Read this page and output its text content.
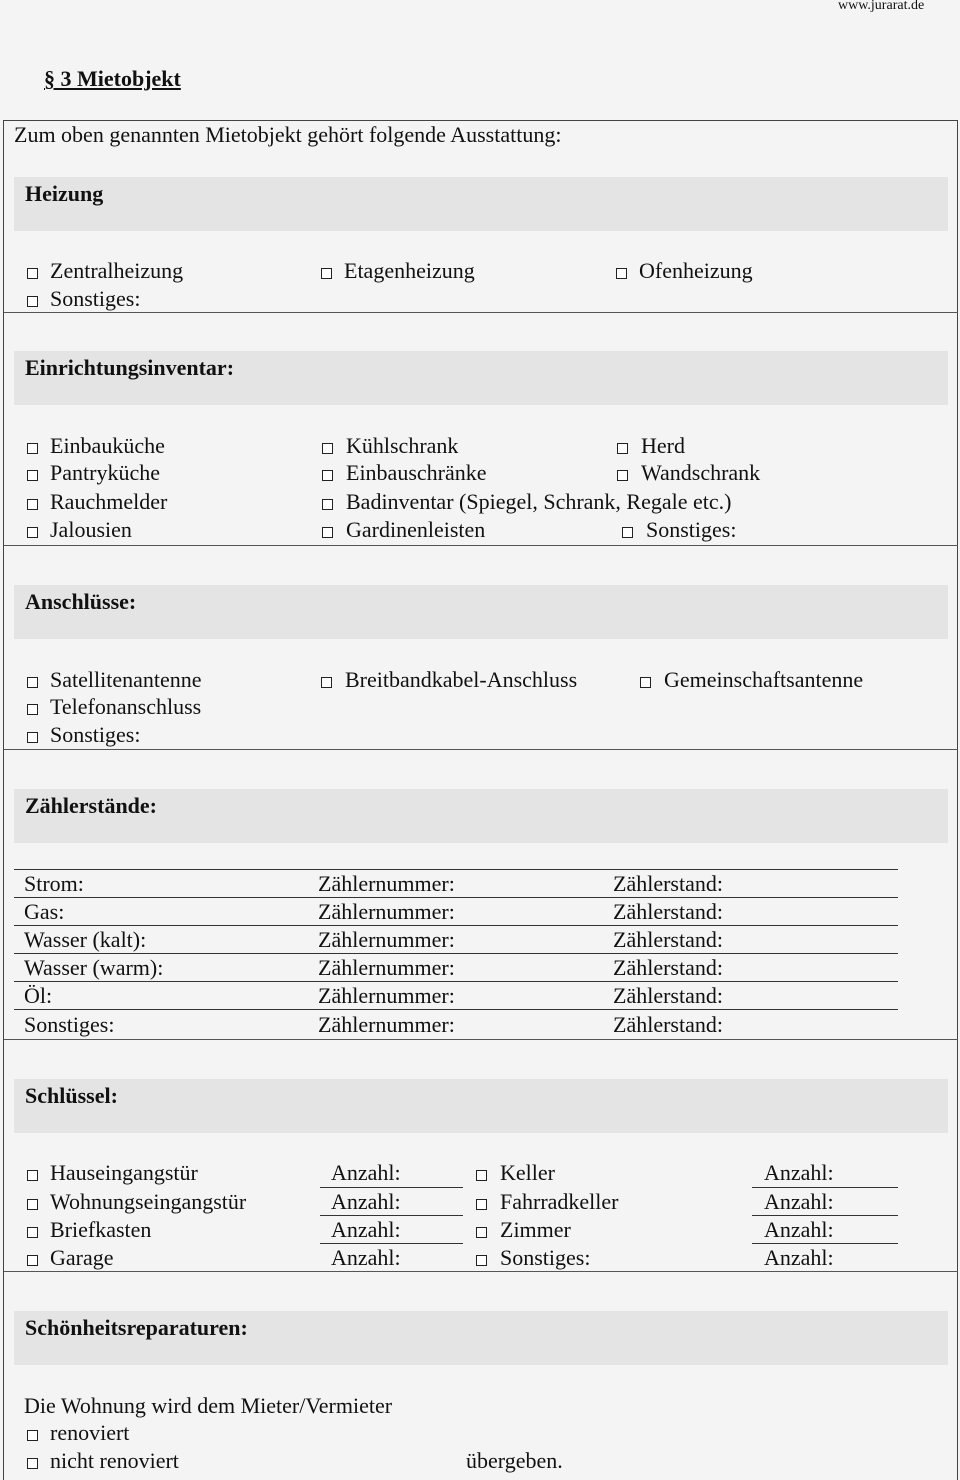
www.jurarat.de
§ 3 Mietobjekt
Zum oben genannten Mietobjekt gehört folgende Ausstattung:
Heizung
Zentralheizung	Etagenheizung	Ofenheizung
Sonstiges:
Einrichtungsinventar:
Einbauküche	Kühlschrank	Herd
Pantryküche	Einbauschränke	Wandschrank
Rauchmelder	Badinventar (Spiegel, Schrank, Regale etc.)
Jalousien	Gardinenleisten	Sonstiges:
Anschlüsse:
Satellitenantenne	Breitbandkabel-Anschluss	Gemeinschaftsantenne
Telefonanschluss
Sonstiges:
Zählerstände:
Strom:	Zählernummer:	Zählerstand:
Gas:	Zählernummer:	Zählerstand:
Wasser (kalt):	Zählernummer:	Zählerstand:
Wasser (warm):	Zählernummer:	Zählerstand:
Öl:	Zählernummer:	Zählerstand:
Sonstiges:	Zählernummer:	Zählerstand:
Schlüssel:
Hauseingangstür	Anzahl:	Keller	Anzahl:
Wohnungseingangstür	Anzahl:	Fahrradkeller	Anzahl:
Briefkasten	Anzahl:	Zimmer	Anzahl:
Garage	Anzahl:	Sonstiges:	Anzahl:
Schönheitsreparaturen:
Die Wohnung wird dem Mieter/Vermieter
renoviert
nicht renoviert	übergeben.
